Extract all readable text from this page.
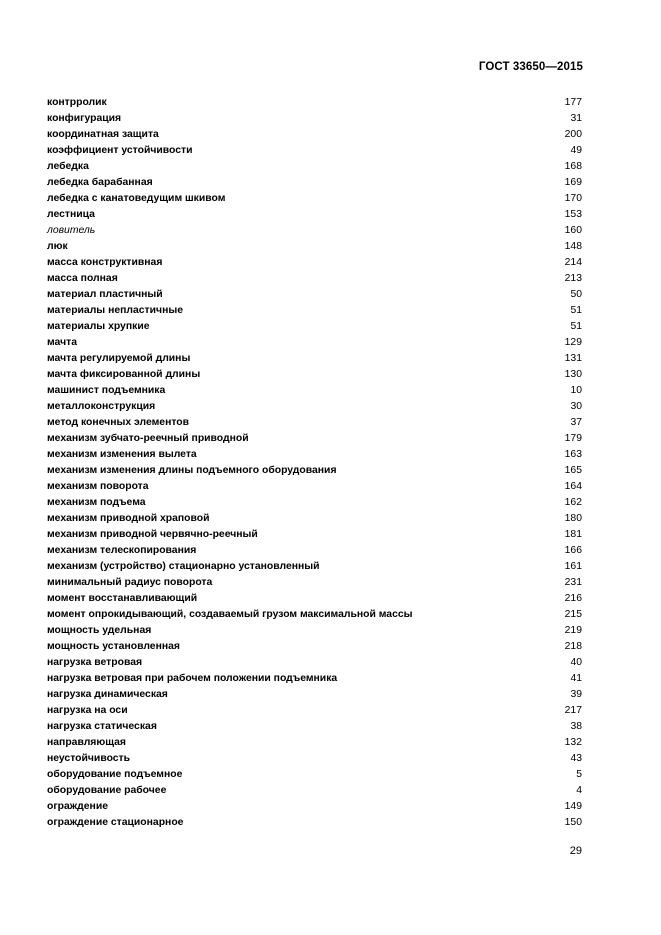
ГОСТ 33650—2015
контрролик	177
конфигурация	31
координатная защита	200
коэффициент устойчивости	49
лебедка	168
лебедка барабанная	169
лебедка с канатоведущим шкивом	170
лестница	153
ловитель	160
люк	148
масса конструктивная	214
масса полная	213
материал пластичный	50
материалы непластичные	51
материалы хрупкие	51
мачта	129
мачта регулируемой длины	131
мачта фиксированной длины	130
машинист подъемника	10
металлоконструкция	30
метод конечных элементов	37
механизм зубчато-реечный приводной	179
механизм изменения вылета	163
механизм изменения длины подъемного оборудования	165
механизм поворота	164
механизм подъема	162
механизм приводной храповой	180
механизм приводной червячно-реечный	181
механизм телескопирования	166
механизм (устройство) стационарно установленный	161
минимальный радиус поворота	231
момент восстанавливающий	216
момент опрокидывающий, создаваемый грузом максимальной массы	215
мощность удельная	219
мощность установленная	218
нагрузка ветровая	40
нагрузка ветровая при рабочем положении подъемника	41
нагрузка динамическая	39
нагрузка на оси	217
нагрузка статическая	38
направляющая	132
неустойчивость	43
оборудование подъемное	5
оборудование рабочее	4
ограждение	149
ограждение стационарное	150
29
